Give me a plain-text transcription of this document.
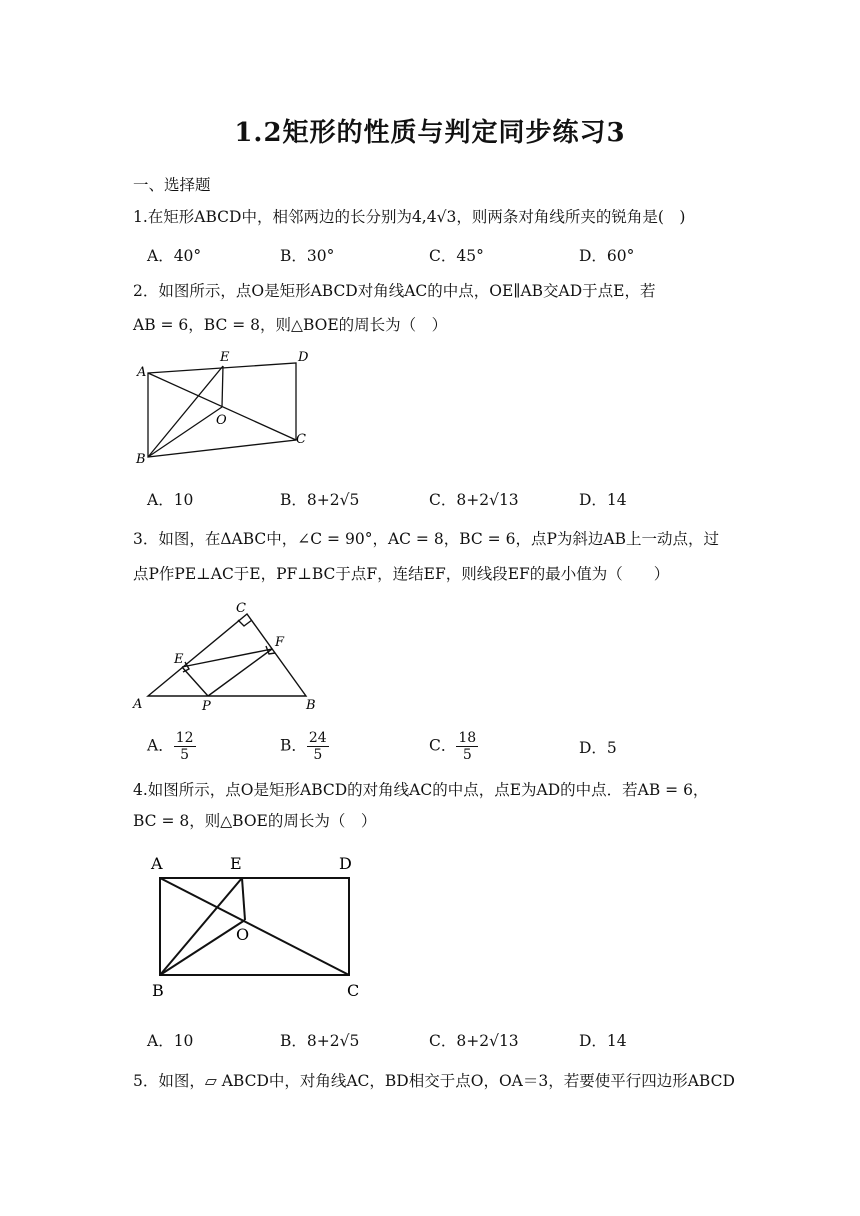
1.2矩形的性质与判定同步练习3
一、选择题
1.在矩形ABCD中，相邻两边的长分别为4,4√3，则两条对角线所夹的锐角是(　)
A．40°	B．30°	C．45°	D．60°
2．如图所示，点O是矩形ABCD对角线AC的中点，OE∥AB交AD于点E，若
AB = 6，BC = 8，则△BOE的周长为（　）
A
E	D
O
C
B
A．10	B．8+2√5	C．8+2√13	D．14
3．如图，在ΔABC中，∠C = 90°，AC = 8，BC = 6，点P为斜边AB上一动点，过
点P作PE⊥AC于E，PF⊥BC于点F，连结EF，则线段EF的最小值为（　　）
A	B
C
E
F
P
A． $\frac{12}{5}$	B． $\frac{24}{5}$	C． $\frac{18}{5}$	D．5
4.如图所示，点O是矩形ABCD的对角线AC的中点，点E为AD的中点．若AB = 6，
BC = 8，则△BOE的周长为（　）
A	E	D
O
B	C
A．10	B．8+2√5	C．8+2√13	D．14
5．如图，▱ ABCD中，对角线AC，BD相交于点O，OA＝3，若要使平行四边形ABCD
